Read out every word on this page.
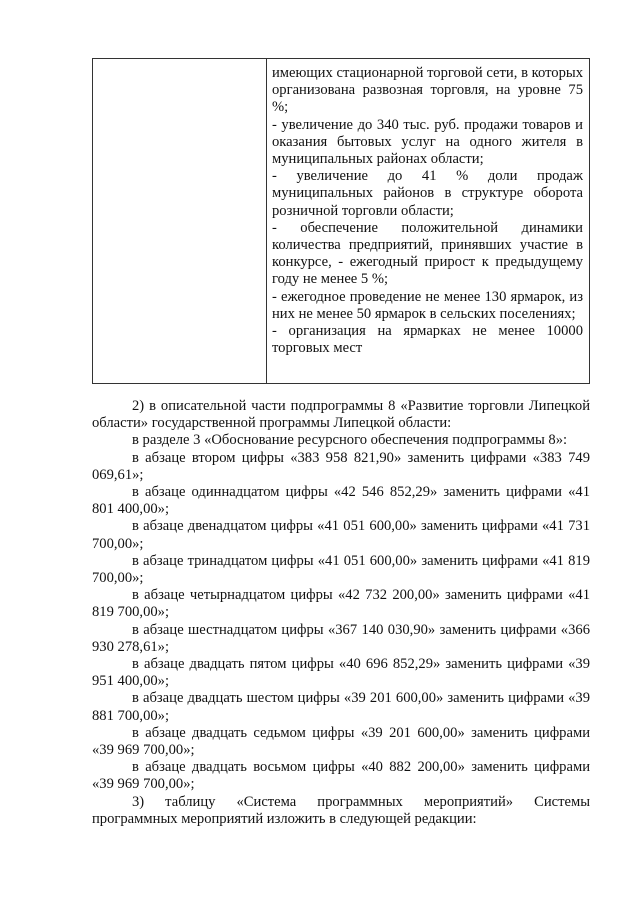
имеющих стационарной торговой сети, в которых организована развозная торговля, на уровне 75 %;

- увеличение до 340 тыс. руб. продажи товаров и оказания бытовых услуг на одного жителя в муниципальных районах области;

- увеличение до 41 % доли продаж муниципальных районов в структуре оборота розничной торговли области;

- обеспечение положительной динамики количества предприятий, принявших участие в конкурсе, - ежегодный прирост к предыдущему году не менее 5 %;

- ежегодное проведение не менее 130 ярмарок, из них не менее 50 ярмарок в сельских поселениях;

- организация на ярмарках не менее 10000 торговых мест

2) в описательной части подпрограммы 8 «Развитие торговли Липецкой области» государственной программы Липецкой области:

в разделе 3 «Обоснование ресурсного обеспечения подпрограммы 8»:

в абзаце втором цифры «383 958 821,90» заменить цифрами «383 749 069,61»;

в абзаце одиннадцатом цифры «42 546 852,29» заменить цифрами «41 801 400,00»;

в абзаце двенадцатом цифры «41 051 600,00» заменить цифрами «41 731 700,00»;

в абзаце тринадцатом цифры «41 051 600,00» заменить цифрами «41 819 700,00»;

в абзаце четырнадцатом цифры «42 732 200,00» заменить цифрами «41 819 700,00»;

в абзаце шестнадцатом цифры «367 140 030,90» заменить цифрами «366 930 278,61»;

в абзаце двадцать пятом цифры «40 696 852,29» заменить цифрами «39 951 400,00»;

в абзаце двадцать шестом цифры «39 201 600,00» заменить цифрами «39 881 700,00»;

в абзаце двадцать седьмом цифры «39 201 600,00» заменить цифрами «39 969 700,00»;

в абзаце двадцать восьмом цифры «40 882 200,00» заменить цифрами «39 969 700,00»;

3) таблицу «Система программных мероприятий» Системы программных мероприятий изложить в следующей редакции:
